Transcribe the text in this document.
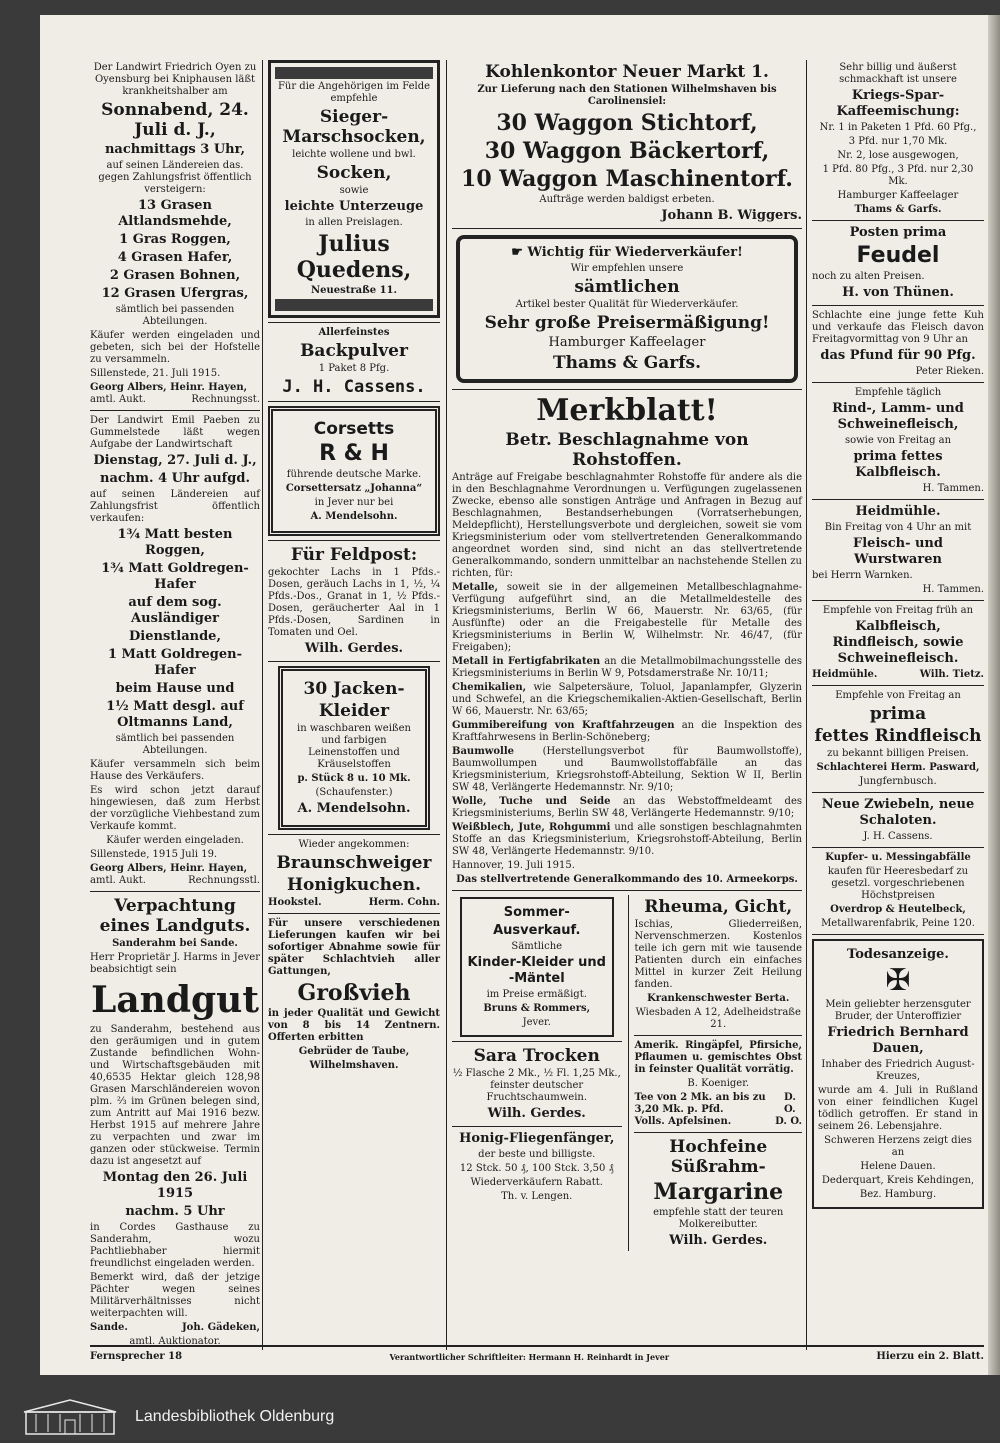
Der Landwirt Friedrich Oyen zu Oyensburg bei Kniphausen läßt krankheitshalber am

Sonnabend, 24. Juli d. J.,

nachmittags 3 Uhr,

auf seinen Ländereien das. gegen Zahlungsfrist öffentlich versteigern:

13 Grasen Altlandsmehde,

1 Gras Roggen,

4 Grasen Hafer,

2 Grasen Bohnen,

12 Grasen Ufergras,

sämtlich bei passenden Abteilungen.

Käufer werden eingeladen und gebeten, sich bei der Hofstelle zu versammeln.

Sillenstede, 21. Juli 1915.

Georg Albers, Heinr. Hayen,
amtl. Aukt.	Rechnungsst.

Der Landwirt Emil Paeben zu Gummelstede läßt wegen Aufgabe der Landwirtschaft

Dienstag, 27. Juli d. J.,

nachm. 4 Uhr aufgd.

auf seinen Ländereien auf Zahlungsfrist öffentlich verkaufen:

1¾ Matt besten Roggen,

1¾ Matt Goldregen-Hafer

auf dem sog. Ausländiger

Dienstlande,

1 Matt Goldregen-Hafer

beim Hause und

1½ Matt desgl. auf Oltmanns Land,

sämtlich bei passenden Abteilungen.

Käufer versammeln sich beim Hause des Verkäufers.

Es wird schon jetzt darauf hingewiesen, daß zum Herbst der vorzügliche Viehbestand zum Verkaufe kommt.

Käufer werden eingeladen.

Sillenstede, 1915 Juli 19.

Georg Albers, Heinr. Hayen,
amtl. Aukt.	Rechnungsstl.

Verpachtung eines Landguts.

Sanderahm bei Sande.

Herr Proprietär J. Harms in Jever beabsichtigt sein

Landgut

zu Sanderahm, bestehend aus den geräumigen und in gutem Zustande befindlichen Wohn- und Wirtschaftsgebäuden mit 40,6535 Hektar gleich 128,98 Grasen Marschländereien wovon plm. ⅔ im Grünen belegen sind, zum Antritt auf Mai 1916 bezw. Herbst 1915 auf mehrere Jahre zu verpachten und zwar im ganzen oder stückweise. Termin dazu ist angesetzt auf

Montag den 26. Juli 1915

nachm. 5 Uhr

in Cordes Gasthause zu Sanderahm, wozu Pachtliebhaber hiermit freundlichst eingeladen werden.

Bemerkt wird, daß der jetzige Pächter wegen seines Militärverhältnisses nicht weiterpachten will.

Sande.	Joh. Gädeken,

amtl. Auktionator.

Für die Angehörigen im Felde empfehle

Sieger-Marschsocken,

leichte wollene und bwl.

Socken,

sowie

leichte Unterzeuge

in allen Preislagen.

Julius Quedens,

Neuestraße 11.

Allerfeinstes

Backpulver

1 Paket 8 Pfg.

J. H. Cassens.

Corsetts

R & H

führende deutsche Marke.

Corsettersatz „Johanna“

in Jever nur bei

A. Mendelsohn.

Für Feldpost:

gekochter Lachs in 1 Pfds.-Dosen, geräuch Lachs in 1, ½, ¼ Pfds.-Dos., Granat in 1, ½ Pfds.-Dosen, geräucherter Aal in 1 Pfds.-Dosen, Sardinen in Tomaten und Oel.

Wilh. Gerdes.

30 Jacken-

Kleider

in waschbaren weißen und farbigen Leinenstoffen und Kräuselstoffen

p. Stück 8 u. 10 Mk.

(Schaufenster.)

A. Mendelsohn.

Wieder angekommen:

Braunschweiger

Honigkuchen.

Hookstel.	Herm. Cohn.

Für unsere verschiedenen Lieferungen kaufen wir bei sofortiger Abnahme sowie für später Schlachtvieh aller Gattungen,

Großvieh

in jeder Qualität und Gewicht von 8 bis 14 Zentnern. Offerten erbitten

Gebrüder de Taube,

Wilhelmshaven.

Kohlenkontor Neuer Markt 1.

Zur Lieferung nach den Stationen Wilhelmshaven bis Carolinensiel:

30 Waggon Stichtorf,

30 Waggon Bäckertorf,

10 Waggon Maschinentorf.

Aufträge werden baldigst erbeten.

Johann B. Wiggers.

☛ Wichtig für Wiederverkäufer!

Wir empfehlen unsere

sämtlichen

Artikel bester Qualität für Wiederverkäufer.

Sehr große Preisermäßigung!

Hamburger Kaffeelager

Thams & Garfs.

Merkblatt!

Betr. Beschlagnahme von Rohstoffen.

Anträge auf Freigabe beschlagnahmter Rohstoffe für andere als die in den Beschlagnahme Verordnungen u. Verfügungen zugelassenen Zwecke, ebenso alle sonstigen Anträge und Anfragen in Bezug auf Beschlagnahmen, Bestandserhebungen (Vorratserhebungen, Meldepflicht), Herstellungsverbote und dergleichen, soweit sie vom Kriegsministerium oder vom stellvertretenden Generalkommando angeordnet worden sind, sind nicht an das stellvertretende Generalkommando, sondern unmittelbar an nachstehende Stellen zu richten, für:

Metalle, soweit sie in der allgemeinen Metallbeschlagnahme-Verfügung aufgeführt sind, an die Metallmeldestelle des Kriegsministeriums, Berlin W 66, Mauerstr. Nr. 63/65, (für Ausfünfte) oder an die Freigabestelle für Metalle des Kriegsministeriums in Berlin W, Wilhelmstr. Nr. 46/47, (für Freigaben);

Metall in Fertigfabrikaten an die Metallmobilmachungsstelle des Kriegsministeriums in Berlin W 9, Potsdamerstraße Nr. 10/11;

Chemikalien, wie Salpetersäure, Toluol, Japanlampfer, Glyzerin und Schwefel, an die Kriegschemikalien-Aktien-Gesellschaft, Berlin W 66, Mauerstr. Nr. 63/65;

Gummibereifung von Kraftfahrzeugen an die Inspektion des Kraftfahrwesens in Berlin-Schöneberg;

Baumwolle	(Herstellungsverbot für Baumwollstoffe), Baumwollumpen und Baumwollstoffabfälle an das Kriegsministerium, Kriegsrohstoff-Abteilung, Sektion W II, Berlin SW 48, Verlängerte Hedemannstr. Nr. 9/10;

Wolle, Tuche und Seide an das Webstoffmeldeamt des Kriegsministeriums, Berlin SW 48, Verlängerte Hedemannstr. 9/10;

Weißblech, Jute, Rohgummi und alle sonstigen beschlagnahmten Stoffe an das Kriegsministerium, Kriegsrohstoff-Abteilung, Berlin SW 48, Verlängerte Hedemannstr. 9/10.

Hannover, 19. Juli 1915.

Das stellvertretende Generalkommando des 10. Armeekorps.

Sommer-

Ausverkauf.

Sämtliche

Kinder-Kleider und -Mäntel

im Preise ermäßigt.

Bruns & Rommers,

Jever.

Sara Trocken

½ Flasche 2 Mk., ½ Fl. 1,25 Mk., feinster deutscher Fruchtschaumwein.

Wilh. Gerdes.

Honig-Fliegenfänger,

der beste und billigste.

12 Stck. 50 ₰, 100 Stck. 3,50 ₰

Wiederverkäufern Rabatt.

Th. v. Lengen.

Rheuma, Gicht,

Ischias, Gliederreißen, Nervenschmerzen. Kostenlos teile ich gern mit wie tausende Patienten durch ein einfaches Mittel in kurzer Zeit Heilung fanden.

Krankenschwester Berta.

Wiesbaden A 12, Adelheidstraße 21.

Amerik. Ringäpfel, Pfirsiche, Pflaumen u. gemischtes Obst in feinster Qualität vorrätig.

B. Koeniger.

Tee von 2 Mk. an bis zu 3,20 Mk. p. Pfd.
D. O.
Volls. Apfelsinen.	D. O.

Hochfeine Süßrahm-

Margarine

empfehle statt der teuren Molkereibutter.

Wilh. Gerdes.

Sehr billig und äußerst schmackhaft ist unsere

Kriegs-Spar-Kaffeemischung:

Nr. 1 in Paketen 1 Pfd. 60 Pfg.,

3 Pfd. nur 1,70 Mk.

Nr. 2, lose ausgewogen,

1 Pfd. 80 Pfg., 3 Pfd. nur 2,30 Mk.

Hamburger Kaffeelager

Thams & Garfs.

Posten prima

Feudel

noch zu alten Preisen.

H. von Thünen.

Schlachte eine junge fette Kuh und verkaufe das Fleisch davon Freitagvormittag von 9 Uhr an

das Pfund für 90 Pfg.

Peter Rieken.

Empfehle täglich

Rind-, Lamm- und Schweinefleisch,

sowie von Freitag an

prima fettes Kalbfleisch.

H. Tammen.

Heidmühle.

Bin Freitag von 4 Uhr an mit

Fleisch- und Wurstwaren

bei Herrn Warnken.

H. Tammen.

Empfehle von Freitag früh an

Kalbfleisch, Rindfleisch, sowie Schweinefleisch.

Heidmühle.	Wilh. Tietz.

Empfehle von Freitag an

prima

fettes Rindfleisch

zu bekannt billigen Preisen.

Schlachterei Herm. Pasward,

Jungfernbusch.

Neue Zwiebeln, neue Schaloten.

J. H. Cassens.

Kupfer- u. Messingabfälle

kaufen für Heeresbedarf zu gesetzl. vorgeschriebenen Höchstpreisen

Overdrop & Heutelbeck,

Metallwarenfabrik, Peine 120.

Todesanzeige.

✠

Mein geliebter herzensguter Bruder, der Unteroffizier

Friedrich Bernhard Dauen,

Inhaber des Friedrich August-Kreuzes,

wurde am 4. Juli in Rußland von einer feindlichen Kugel tödlich getroffen. Er stand in seinem 26. Lebensjahre.

Schweren Herzens zeigt dies an

Helene Dauen.

Dederquart, Kreis Kehdingen,

Bez. Hamburg.

Fernsprecher 18	Verantwortlicher Schriftleiter: Hermann H. Reinhardt in Jever	Hierzu ein 2. Blatt.
Landesbibliothek Oldenburg
